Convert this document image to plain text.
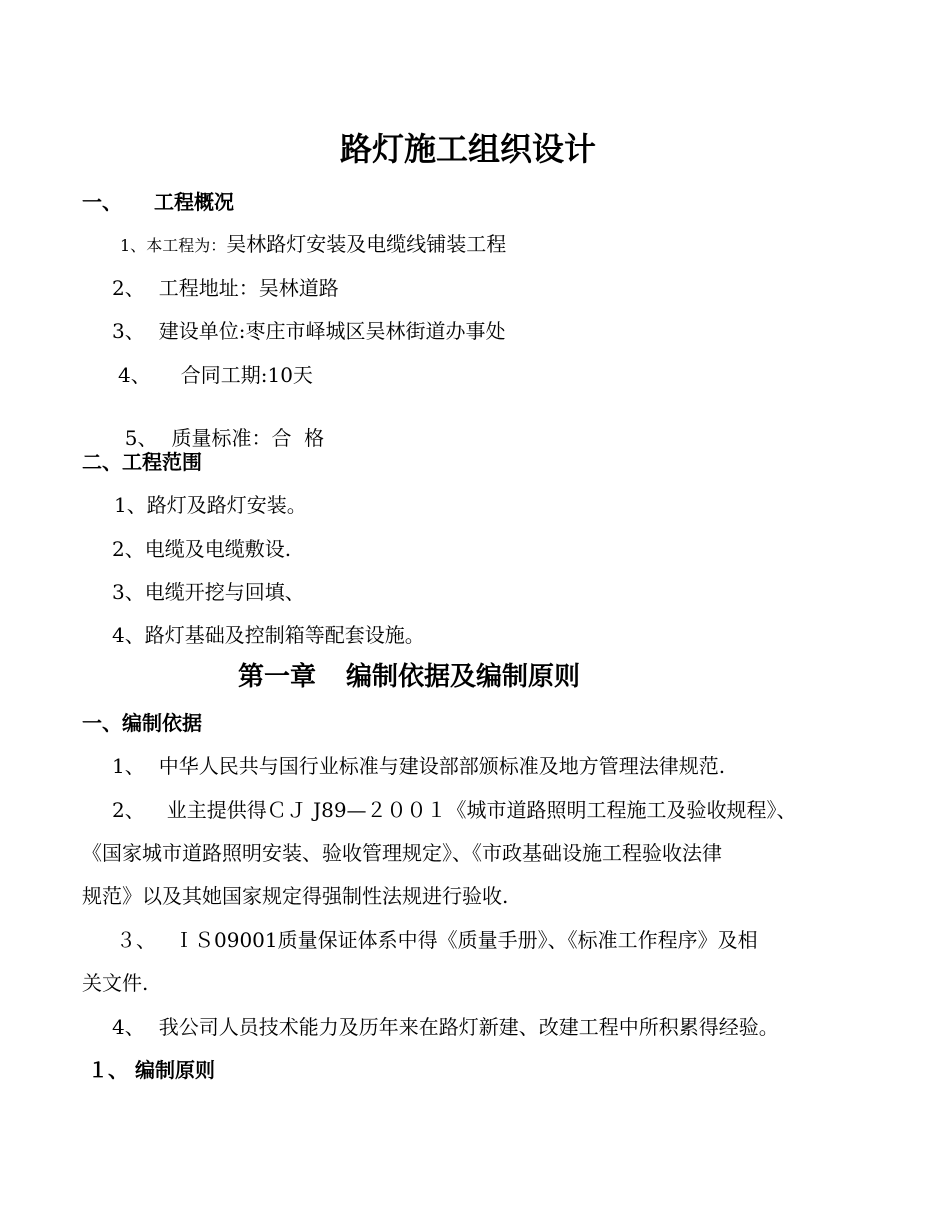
路灯施工组织设计
一、 工程概况
1、本工程为：吴林路灯安装及电缆线铺装工程
2、 工程地址：吴林道路
3、 建设单位:枣庄市峄城区吴林街道办事处
4、 合同工期:10天

5、 质量标准：合  格

二、工程范围
1、路灯及路灯安装。
2、电缆及电缆敷设.
3、电缆开挖与回填、
4、路灯基础及控制箱等配套设施。
第一章 编制依据及编制原则
一、编制依据
1、 中华人民共与国行业标准与建设部部颁标准及地方管理法律规范.
2、 业主提供得ＣＪ J89—２００１《城市道路照明工程施工及验收规程》、
《国家城市道路照明安装、验收管理规定》、《市政基础设施工程验收法律
规范》以及其她国家规定得强制性法规进行验收.
３、 ＩＳ09001质量保证体系中得《质量手册》、《标准工作程序》及相
关文件.
4、 我公司人员技术能力及历年来在路灯新建、改建工程中所积累得经验。
１、 编制原则
